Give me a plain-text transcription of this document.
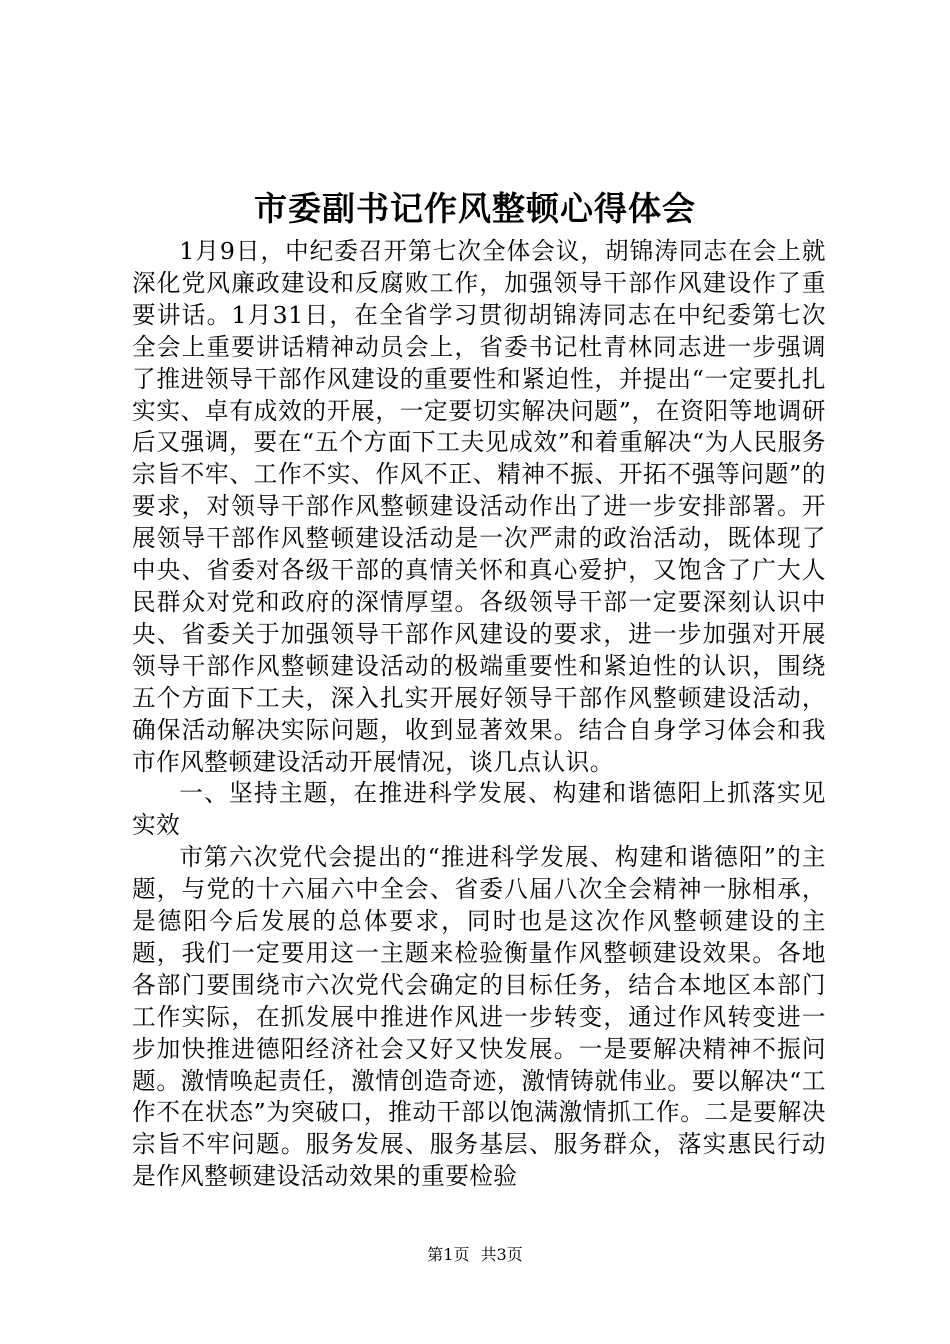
市委副书记作风整顿心得体会

1月9日，中纪委召开第七次全体会议，胡锦涛同志在会上就深化党风廉政建设和反腐败工作，加强领导干部作风建设作了重要讲话。1月31日，在全省学习贯彻胡锦涛同志在中纪委第七次全会上重要讲话精神动员会上，省委书记杜青林同志进一步强调了推进领导干部作风建设的重要性和紧迫性，并提出“一定要扎扎实实、卓有成效的开展，一定要切实解决问题”，在资阳等地调研后又强调，要在“五个方面下工夫见成效”和着重解决“为人民服务宗旨不牢、工作不实、作风不正、精神不振、开拓不强等问题”的要求，对领导干部作风整顿建设活动作出了进一步安排部署。开展领导干部作风整顿建设活动是一次严肃的政治活动，既体现了中央、省委对各级干部的真情关怀和真心爱护，又饱含了广大人民群众对党和政府的深情厚望。各级领导干部一定要深刻认识中央、省委关于加强领导干部作风建设的要求，进一步加强对开展领导干部作风整顿建设活动的极端重要性和紧迫性的认识，围绕五个方面下工夫，深入扎实开展好领导干部作风整顿建设活动，确保活动解决实际问题，收到显著效果。结合自身学习体会和我市作风整顿建设活动开展情况，谈几点认识。

一、坚持主题，在推进科学发展、构建和谐德阳上抓落实见实效

市第六次党代会提出的“推进科学发展、构建和谐德阳”的主题，与党的十六届六中全会、省委八届八次全会精神一脉相承，是德阳今后发展的总体要求，同时也是这次作风整顿建设的主题，我们一定要用这一主题来检验衡量作风整顿建设效果。各地各部门要围绕市六次党代会确定的目标任务，结合本地区本部门工作实际，在抓发展中推进作风进一步转变，通过作风转变进一步加快推进德阳经济社会又好又快发展。一是要解决精神不振问题。激情唤起责任，激情创造奇迹，激情铸就伟业。要以解决“工作不在状态”为突破口，推动干部以饱满激情抓工作。二是要解决宗旨不牢问题。服务发展、服务基层、服务群众，落实惠民行动是作风整顿建设活动效果的重要检验

第1页 共3页
